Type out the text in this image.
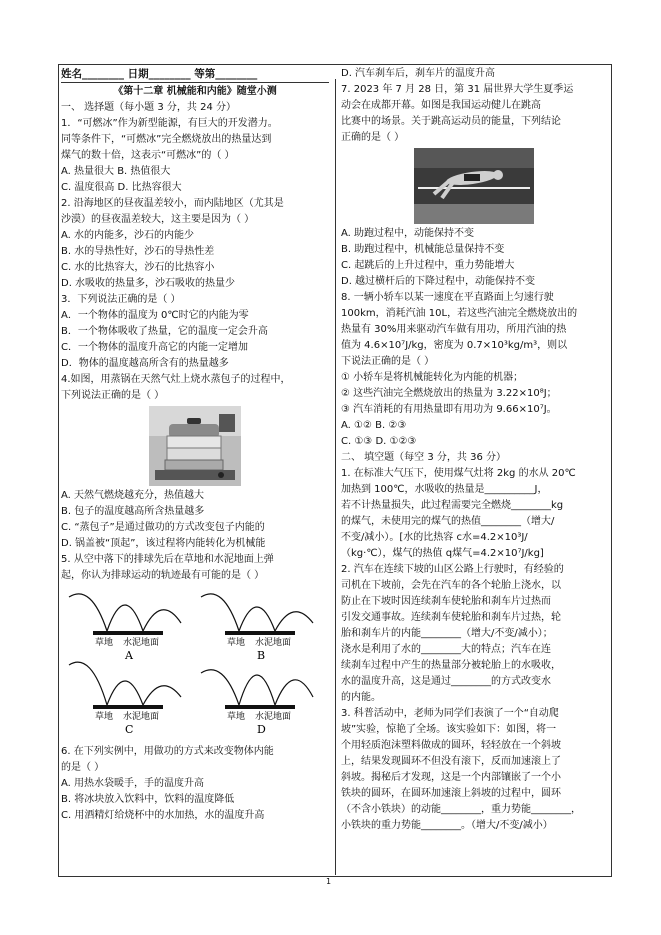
姓名________ 日期________ 等第________
《第十二章 机械能和内能》随堂小测
一、 选择题（每小题 3 分，共 24 分）
1．“可燃冰”作为新型能源，有巨大的开发潜力。
同等条件下，“可燃冰”完全燃烧放出的热量达到
煤气的数十倍，这表示“可燃冰”的（ ）
A. 热量很大 B. 热值很大
C. 温度很高 D. 比热容很大
2. 沿海地区的昼夜温差较小，而内陆地区（尤其是
沙漠）的昼夜温差较大，这主要是因为（ ）
A. 水的内能多，沙石的内能少
B. 水的导热性好，沙石的导热性差
C. 水的比热容大，沙石的比热容小
D. 水吸收的热量多，沙石吸收的热量少
3．下列说法正确的是（ ）
A．一个物体的温度为 0℃时它的内能为零
B．一个物体吸收了热量，它的温度一定会升高
C．一个物体的温度升高它的内能一定增加
D．物体的温度越高所含有的热量越多
4.如图，用蒸锅在天然气灶上烧水蒸包子的过程中，
下列说法正确的是（ ）
A. 天然气燃烧越充分，热值越大
B. 包子的温度越高所含热量越多
C. “蒸包子”是通过做功的方式改变包子内能的
D. 锅盖被“顶起”，该过程将内能转化为机械能
5. 从空中落下的排球先后在草地和水泥地面上弹
起，你认为排球运动的轨迹最有可能的是（ ）
草地 水泥地面
A
草地 水泥地面
B
草地 水泥地面
C
草地 水泥地面
D
6. 在下列实例中，用做功的方式来改变物体内能
的是（ ）
A. 用热水袋暖手，手的温度升高
B. 将冰块放入饮料中，饮料的温度降低
C. 用酒精灯给烧杯中的水加热，水的温度升高
D. 汽车刹车后，刹车片的温度升高
7. 2023 年 7 月 28 日，第 31 届世界大学生夏季运
动会在成都开幕。如图是我国运动健儿在跳高
比赛中的场景。关于跳高运动员的能量，下列结论
正确的是（ ）
A. 助跑过程中，动能保持不变
B. 助跑过程中，机械能总量保持不变
C. 起跳后的上升过程中，重力势能增大
D. 越过横杆后的下降过程中，动能保持不变
8. 一辆小轿车以某一速度在平直路面上匀速行驶
100km，消耗汽油 10L，若这些汽油完全燃烧放出的
热量有 30%用来驱动汽车做有用功，所用汽油的热
值为 4.6×10⁷J/kg，密度为 0.7×10³kg/m³，则以
下说法正确的是（ ）
① 小轿车是将机械能转化为内能的机器；
② 这些汽油完全燃烧放出的热量为 3.22×10⁸J；
③ 汽车消耗的有用热量即有用功为 9.66×10⁷J。
A. ①② B. ②③
C. ①③ D. ①②③
二、 填空题（每空 3 分，共 36 分）
1. 在标准大气压下，使用煤气灶将 2kg 的水从 20℃
加热到 100℃，水吸收的热量是__________J，
若不计热量损失，此过程需要完全燃烧________kg
的煤气，未使用完的煤气的热值________（增大/
不变/减小）。[水的比热容 c水=4.2×10³J/
（kg·℃），煤气的热值 q煤气=4.2×10⁷J/kg]
2. 汽车在连续下坡的山区公路上行驶时，有经验的
司机在下坡前，会先在汽车的各个轮胎上浇水，以
防止在下坡时因连续刹车使轮胎和刹车片过热而
引发交通事故。连续刹车使轮胎和刹车片过热，轮
胎和刹车片的内能________（增大/不变/减小）；
浇水是利用了水的________大的特点；汽车在连
续刹车过程中产生的热量部分被轮胎上的水吸收，
水的温度升高，这是通过________的方式改变水
的内能。
3. 科普活动中，老师为同学们表演了一个“自动爬
坡”实验，惊艳了全场。该实验如下：如图，将一
个用轻质泡沫塑料做成的圆环，轻轻放在一个斜坡
上，结果发现圆环不但没有滚下，反而加速滚上了
斜坡。揭秘后才发现，这是一个内部镶嵌了一个小
铁块的圆环，在圆环加速滚上斜坡的过程中，圆环
（不含小铁块）的动能________，重力势能________，
小铁块的重力势能________。（增大/不变/减小）
1
